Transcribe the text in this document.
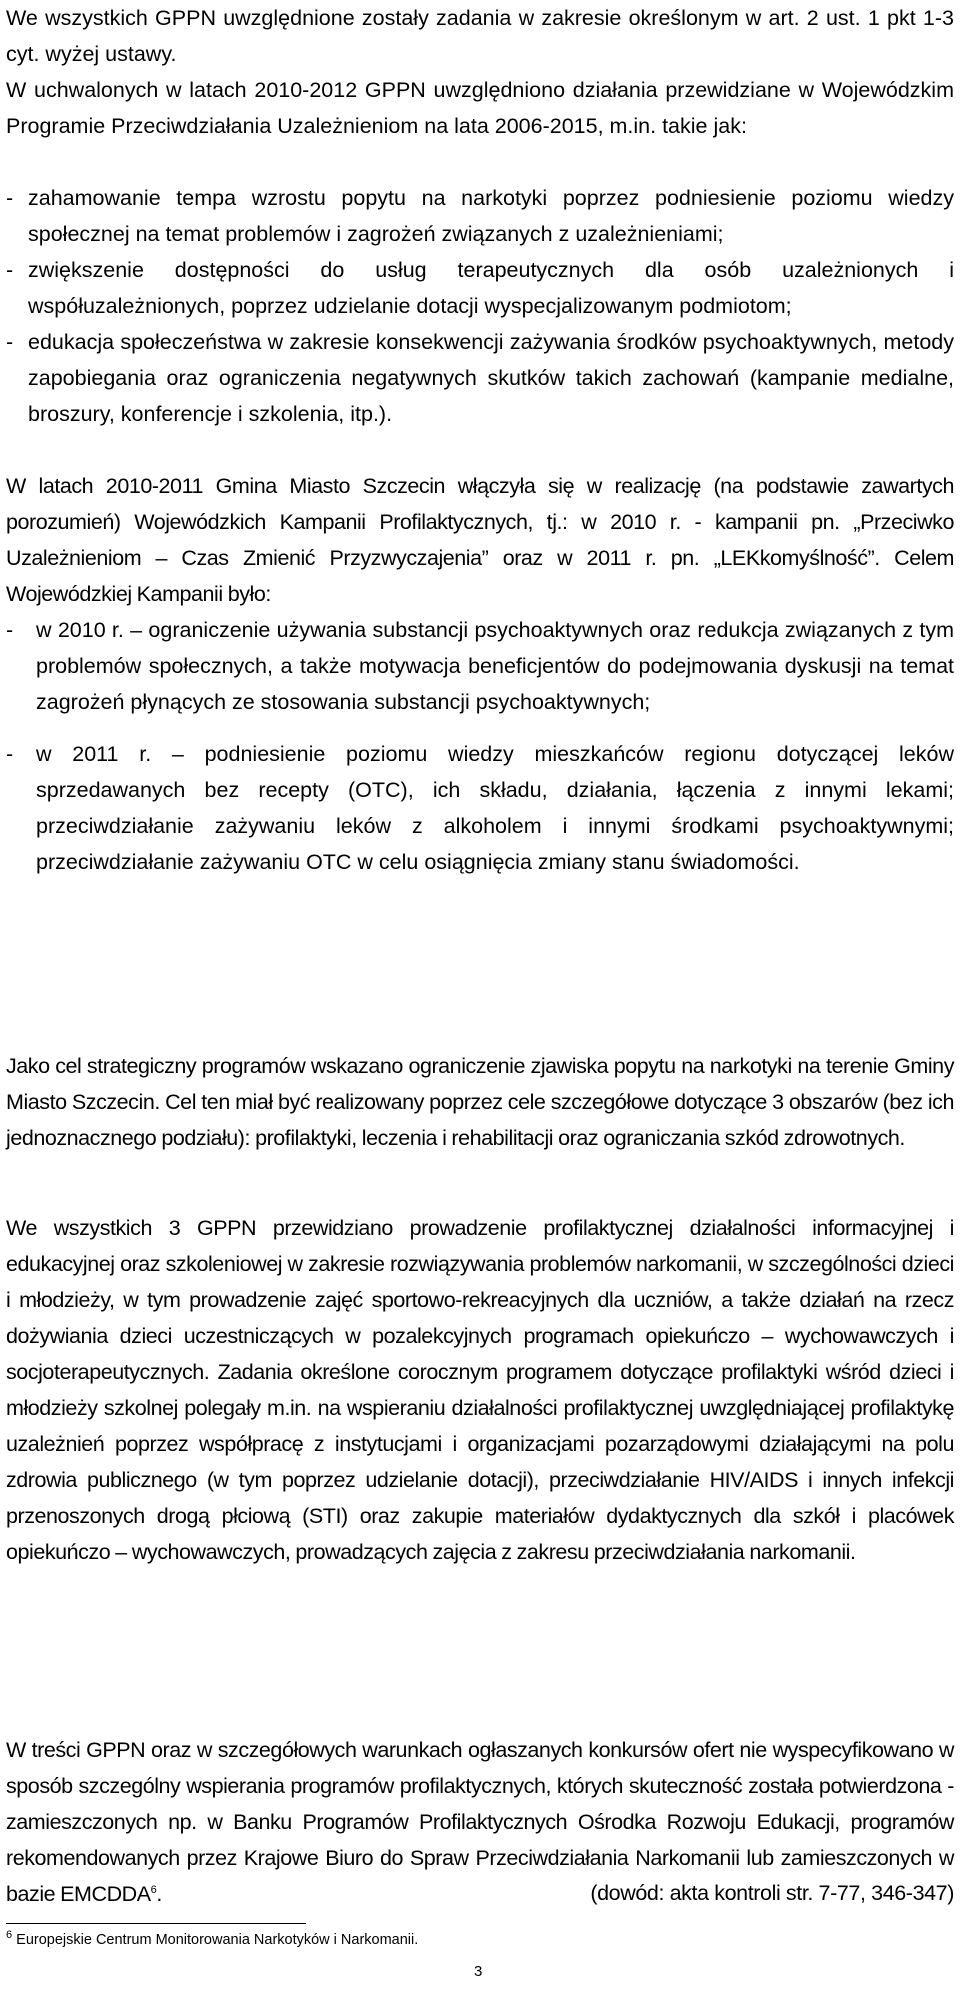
We wszystkich GPPN uwzględnione zostały zadania w zakresie określonym w art. 2 ust. 1 pkt 1-3 cyt. wyżej ustawy.

W uchwalonych w latach 2010-2012 GPPN uwzględniono działania przewidziane w Wojewódzkim Programie Przeciwdziałania Uzależnieniom na lata 2006-2015, m.in. takie jak:

- zahamowanie tempa wzrostu popytu na narkotyki poprzez podniesienie poziomu wiedzy społecznej na temat problemów i zagrożeń związanych z uzależnieniami;
- zwiększenie dostępności do usług terapeutycznych dla osób uzależnionych i współuzależnionych, poprzez udzielanie dotacji wyspecjalizowanym podmiotom;
- edukacja społeczeństwa w zakresie konsekwencji zażywania środków psychoaktywnych, metody zapobiegania oraz ograniczenia negatywnych skutków takich zachowań (kampanie medialne, broszury, konferencje i szkolenia, itp.).

W latach 2010-2011 Gmina Miasto Szczecin włączyła się w realizację (na podstawie zawartych porozumień) Wojewódzkich Kampanii Profilaktycznych, tj.: w 2010 r. - kampanii pn. „Przeciwko Uzależnieniom – Czas Zmienić Przyzwyczajenia” oraz w 2011 r. pn. „LEKkomyślność”. Celem Wojewódzkiej Kampanii było:

- w 2010 r. – ograniczenie używania substancji psychoaktywnych oraz redukcja związanych z tym problemów społecznych, a także motywacja beneficjentów do podejmowania dyskusji na temat zagrożeń płynących ze stosowania substancji psychoaktywnych;
- w 2011 r. – podniesienie poziomu wiedzy mieszkańców regionu dotyczącej leków sprzedawanych bez recepty (OTC), ich składu, działania, łączenia z innymi lekami; przeciwdziałanie zażywaniu leków z alkoholem i innymi środkami psychoaktywnymi; przeciwdziałanie zażywaniu OTC w celu osiągnięcia zmiany stanu świadomości.

Jako cel strategiczny programów wskazano ograniczenie zjawiska popytu na narkotyki na terenie Gminy Miasto Szczecin. Cel ten miał być realizowany poprzez cele szczegółowe dotyczące 3 obszarów (bez ich jednoznacznego podziału): profilaktyki, leczenia i rehabilitacji oraz ograniczania szkód zdrowotnych.

We wszystkich 3 GPPN przewidziano prowadzenie profilaktycznej działalności informacyjnej i edukacyjnej oraz szkoleniowej w zakresie rozwiązywania problemów narkomanii, w szczególności dzieci i młodzieży, w tym prowadzenie zajęć sportowo-rekreacyjnych dla uczniów, a także działań na rzecz dożywiania dzieci uczestniczących w pozalekcyjnych programach opiekuńczo – wychowawczych i socjoterapeutycznych. Zadania określone corocznym programem dotyczące profilaktyki wśród dzieci i młodzieży szkolnej polegały m.in. na wspieraniu działalności profilaktycznej uwzględniającej profilaktykę uzależnień poprzez współpracę z instytucjami i organizacjami pozarządowymi działającymi na polu zdrowia publicznego (w tym poprzez udzielanie dotacji), przeciwdziałanie HIV/AIDS i innych infekcji przenoszonych drogą płciową (STI) oraz zakupie materiałów dydaktycznych dla szkół i placówek opiekuńczo – wychowawczych, prowadzących zajęcia z zakresu przeciwdziałania narkomanii.

W treści GPPN oraz w szczegółowych warunkach ogłaszanych konkursów ofert nie wyspecyfikowano w sposób szczególny wspierania programów profilaktycznych, których skuteczność została potwierdzona - zamieszczonych np. w Banku Programów Profilaktycznych Ośrodka Rozwoju Edukacji, programów rekomendowanych przez Krajowe Biuro do Spraw Przeciwdziałania Narkomanii lub zamieszczonych w bazie EMCDDA$^6$.	(dowód: akta kontroli str. 7-77, 346-347)
$^6$ Europejskie Centrum Monitorowania Narkotyków i Narkomanii.
3
